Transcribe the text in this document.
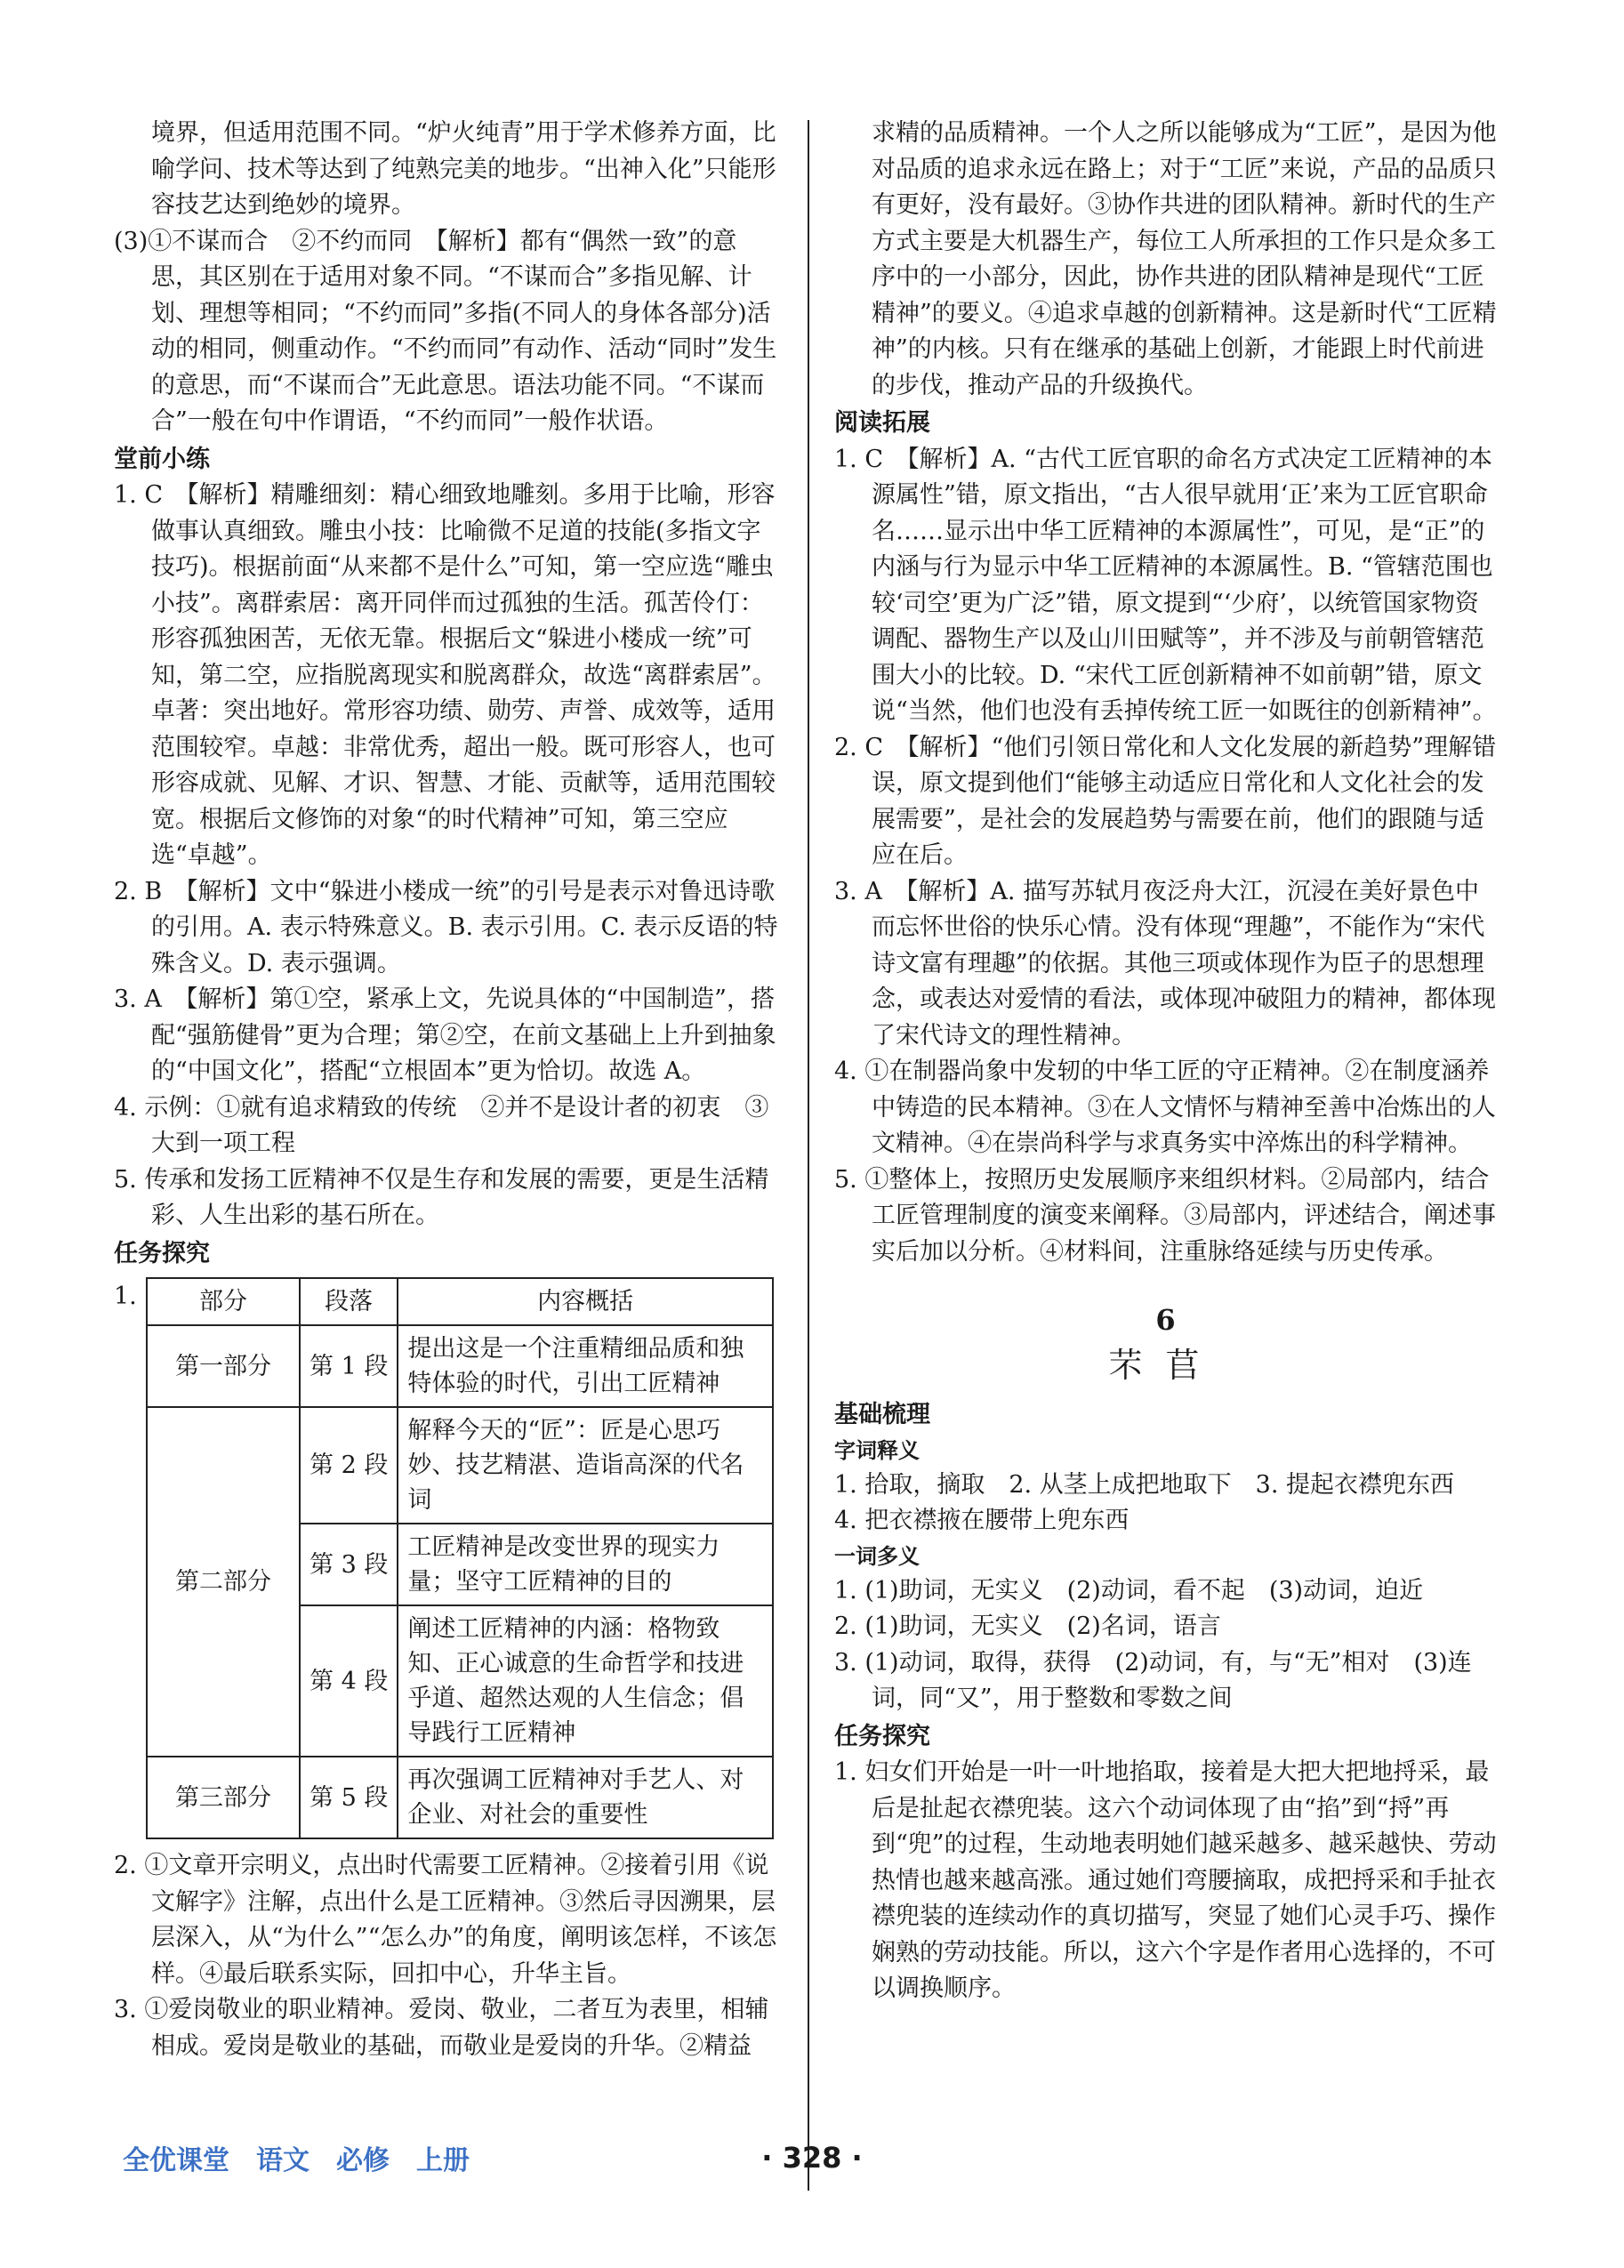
境界，但适用范围不同。“炉火纯青”用于学术修养方面，比喻学问、技术等达到了纯熟完美的地步。“出神入化”只能形容技艺达到绝妙的境界。

(3)①不谋而合　②不约而同　【解析】都有“偶然一致”的意思，其区别在于适用对象不同。“不谋而合”多指见解、计划、理想等相同；“不约而同”多指(不同人的身体各部分)活动的相同，侧重动作。“不约而同”有动作、活动“同时”发生的意思，而“不谋而合”无此意思。语法功能不同。“不谋而合”一般在句中作谓语，“不约而同”一般作状语。

堂前小练

1. C　【解析】精雕细刻：精心细致地雕刻。多用于比喻，形容做事认真细致。雕虫小技：比喻微不足道的技能(多指文字技巧)。根据前面“从来都不是什么”可知，第一空应选“雕虫小技”。离群索居：离开同伴而过孤独的生活。孤苦伶仃：形容孤独困苦，无依无靠。根据后文“躲进小楼成一统”可知，第二空，应指脱离现实和脱离群众，故选“离群索居”。卓著：突出地好。常形容功绩、勋劳、声誉、成效等，适用范围较窄。卓越：非常优秀，超出一般。既可形容人，也可形容成就、见解、才识、智慧、才能、贡献等，适用范围较宽。根据后文修饰的对象“的时代精神”可知，第三空应选“卓越”。

2. B　【解析】文中“躲进小楼成一统”的引号是表示对鲁迅诗歌的引用。A. 表示特殊意义。B. 表示引用。C. 表示反语的特殊含义。D. 表示强调。

3. A　【解析】第①空，紧承上文，先说具体的“中国制造”，搭配“强筋健骨”更为合理；第②空，在前文基础上上升到抽象的“中国文化”，搭配“立根固本”更为恰切。故选 A。

4. 示例：①就有追求精致的传统　②并不是设计者的初衷　③大到一项工程

5. 传承和发扬工匠精神不仅是生存和发展的需要，更是生活精彩、人生出彩的基石所在。

任务探究

1.	部分	段落	内容概括
第一部分	第 1 段	提出这是一个注重精细品质和独特体验的时代，引出工匠精神
第二部分	第 2 段	解释今天的“匠”：匠是心思巧妙、技艺精湛、造诣高深的代名词
	第 3 段	工匠精神是改变世界的现实力量；坚守工匠精神的目的
	第 4 段	阐述工匠精神的内涵：格物致知、正心诚意的生命哲学和技进乎道、超然达观的人生信念；倡导践行工匠精神
第三部分	第 5 段	再次强调工匠精神对手艺人、对企业、对社会的重要性

2. ①文章开宗明义，点出时代需要工匠精神。②接着引用《说文解字》注解，点出什么是工匠精神。③然后寻因溯果，层层深入，从“为什么”“怎么办”的角度，阐明该怎样，不该怎样。④最后联系实际，回扣中心，升华主旨。

3. ①爱岗敬业的职业精神。爱岗、敬业，二者互为表里，相辅相成。爱岗是敬业的基础，而敬业是爱岗的升华。②精益

求精的品质精神。一个人之所以能够成为“工匠”，是因为他对品质的追求永远在路上；对于“工匠”来说，产品的品质只有更好，没有最好。③协作共进的团队精神。新时代的生产方式主要是大机器生产，每位工人所承担的工作只是众多工序中的一小部分，因此，协作共进的团队精神是现代“工匠精神”的要义。④追求卓越的创新精神。这是新时代“工匠精神”的内核。只有在继承的基础上创新，才能跟上时代前进的步伐，推动产品的升级换代。

阅读拓展

1. C　【解析】A. “古代工匠官职的命名方式决定工匠精神的本源属性”错，原文指出，“古人很早就用‘正’来为工匠官职命名……显示出中华工匠精神的本源属性”，可见，是“正”的内涵与行为显示中华工匠精神的本源属性。B. “管辖范围也较‘司空’更为广泛”错，原文提到“‘少府’，以统管国家物资调配、器物生产以及山川田赋等”，并不涉及与前朝管辖范围大小的比较。D. “宋代工匠创新精神不如前朝”错，原文说“当然，他们也没有丢掉传统工匠一如既往的创新精神”。

2. C　【解析】“他们引领日常化和人文化发展的新趋势”理解错误，原文提到他们“能够主动适应日常化和人文化社会的发展需要”，是社会的发展趋势与需要在前，他们的跟随与适应在后。

3. A　【解析】A. 描写苏轼月夜泛舟大江，沉浸在美好景色中而忘怀世俗的快乐心情。没有体现“理趣”，不能作为“宋代诗文富有理趣”的依据。其他三项或体现作为臣子的思想理念，或表达对爱情的看法，或体现冲破阻力的精神，都体现了宋代诗文的理性精神。

4. ①在制器尚象中发轫的中华工匠的守正精神。②在制度涵养中铸造的民本精神。③在人文情怀与精神至善中冶炼出的人文精神。④在崇尚科学与求真务实中淬炼出的科学精神。

5. ①整体上，按照历史发展顺序来组织材料。②局部内，结合工匠管理制度的演变来阐释。③局部内，评述结合，阐述事实后加以分析。④材料间，注重脉络延续与历史传承。

6

芣苢

基础梳理

字词释义

1. 拾取，摘取　2. 从茎上成把地取下　3. 提起衣襟兜东西

4. 把衣襟掖在腰带上兜东西

一词多义

1. (1)助词，无实义　(2)动词，看不起　(3)动词，迫近

2. (1)助词，无实义　(2)名词，语言

3. (1)动词，取得，获得　(2)动词，有，与“无”相对　(3)连词，同“又”，用于整数和零数之间

任务探究

1. 妇女们开始是一叶一叶地掐取，接着是大把大把地捋采，最后是扯起衣襟兜装。这六个动词体现了由“掐”到“捋”再到“兜”的过程，生动地表明她们越采越多、越采越快、劳动热情也越来越高涨。通过她们弯腰摘取，成把捋采和手扯衣襟兜装的连续动作的真切描写，突显了她们心灵手巧、操作娴熟的劳动技能。所以，这六个字是作者用心选择的，不可以调换顺序。

全优课堂　语文　必修　上册	· 328 ·
